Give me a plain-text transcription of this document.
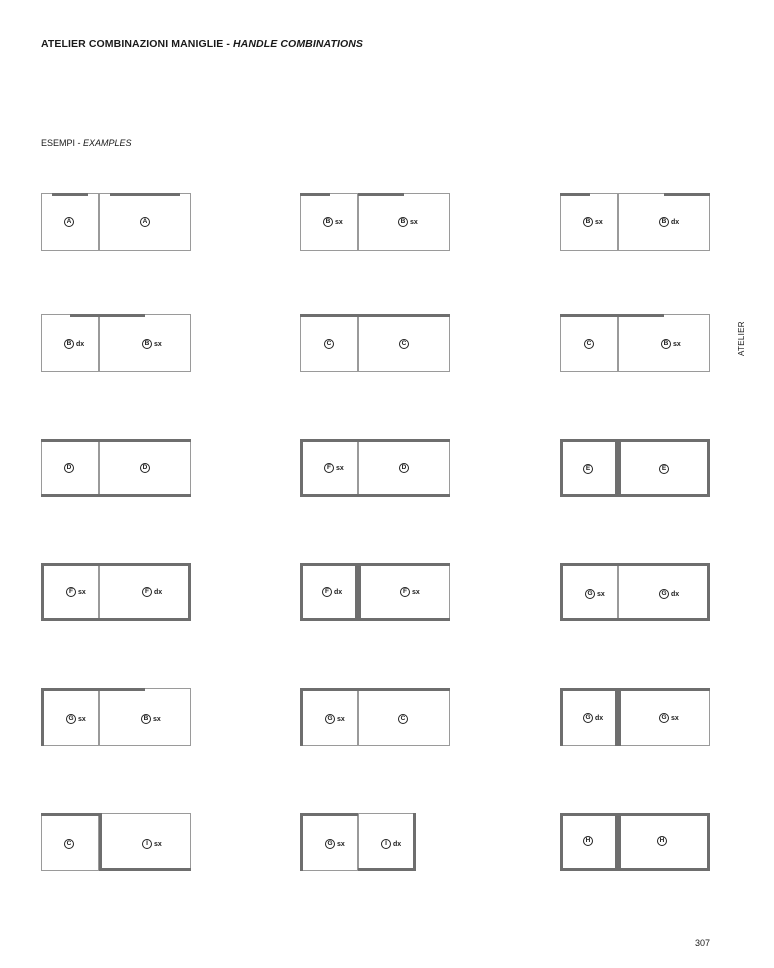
ATELIER COMBINAZIONI MANIGLIE - HANDLE COMBINATIONS
ESEMPI - EXAMPLES
ATELIER
307
A	A	B sx	B sx	B sx	B dx
B dx	B sx	C	C	C	B sx
D	D	F sx	D	E	E
F sx	F dx	F dx	F sx	G sx	G dx
G sx	B sx	G sx	C	G dx	G sx
C	I sx	G sx	I dx
H	H
